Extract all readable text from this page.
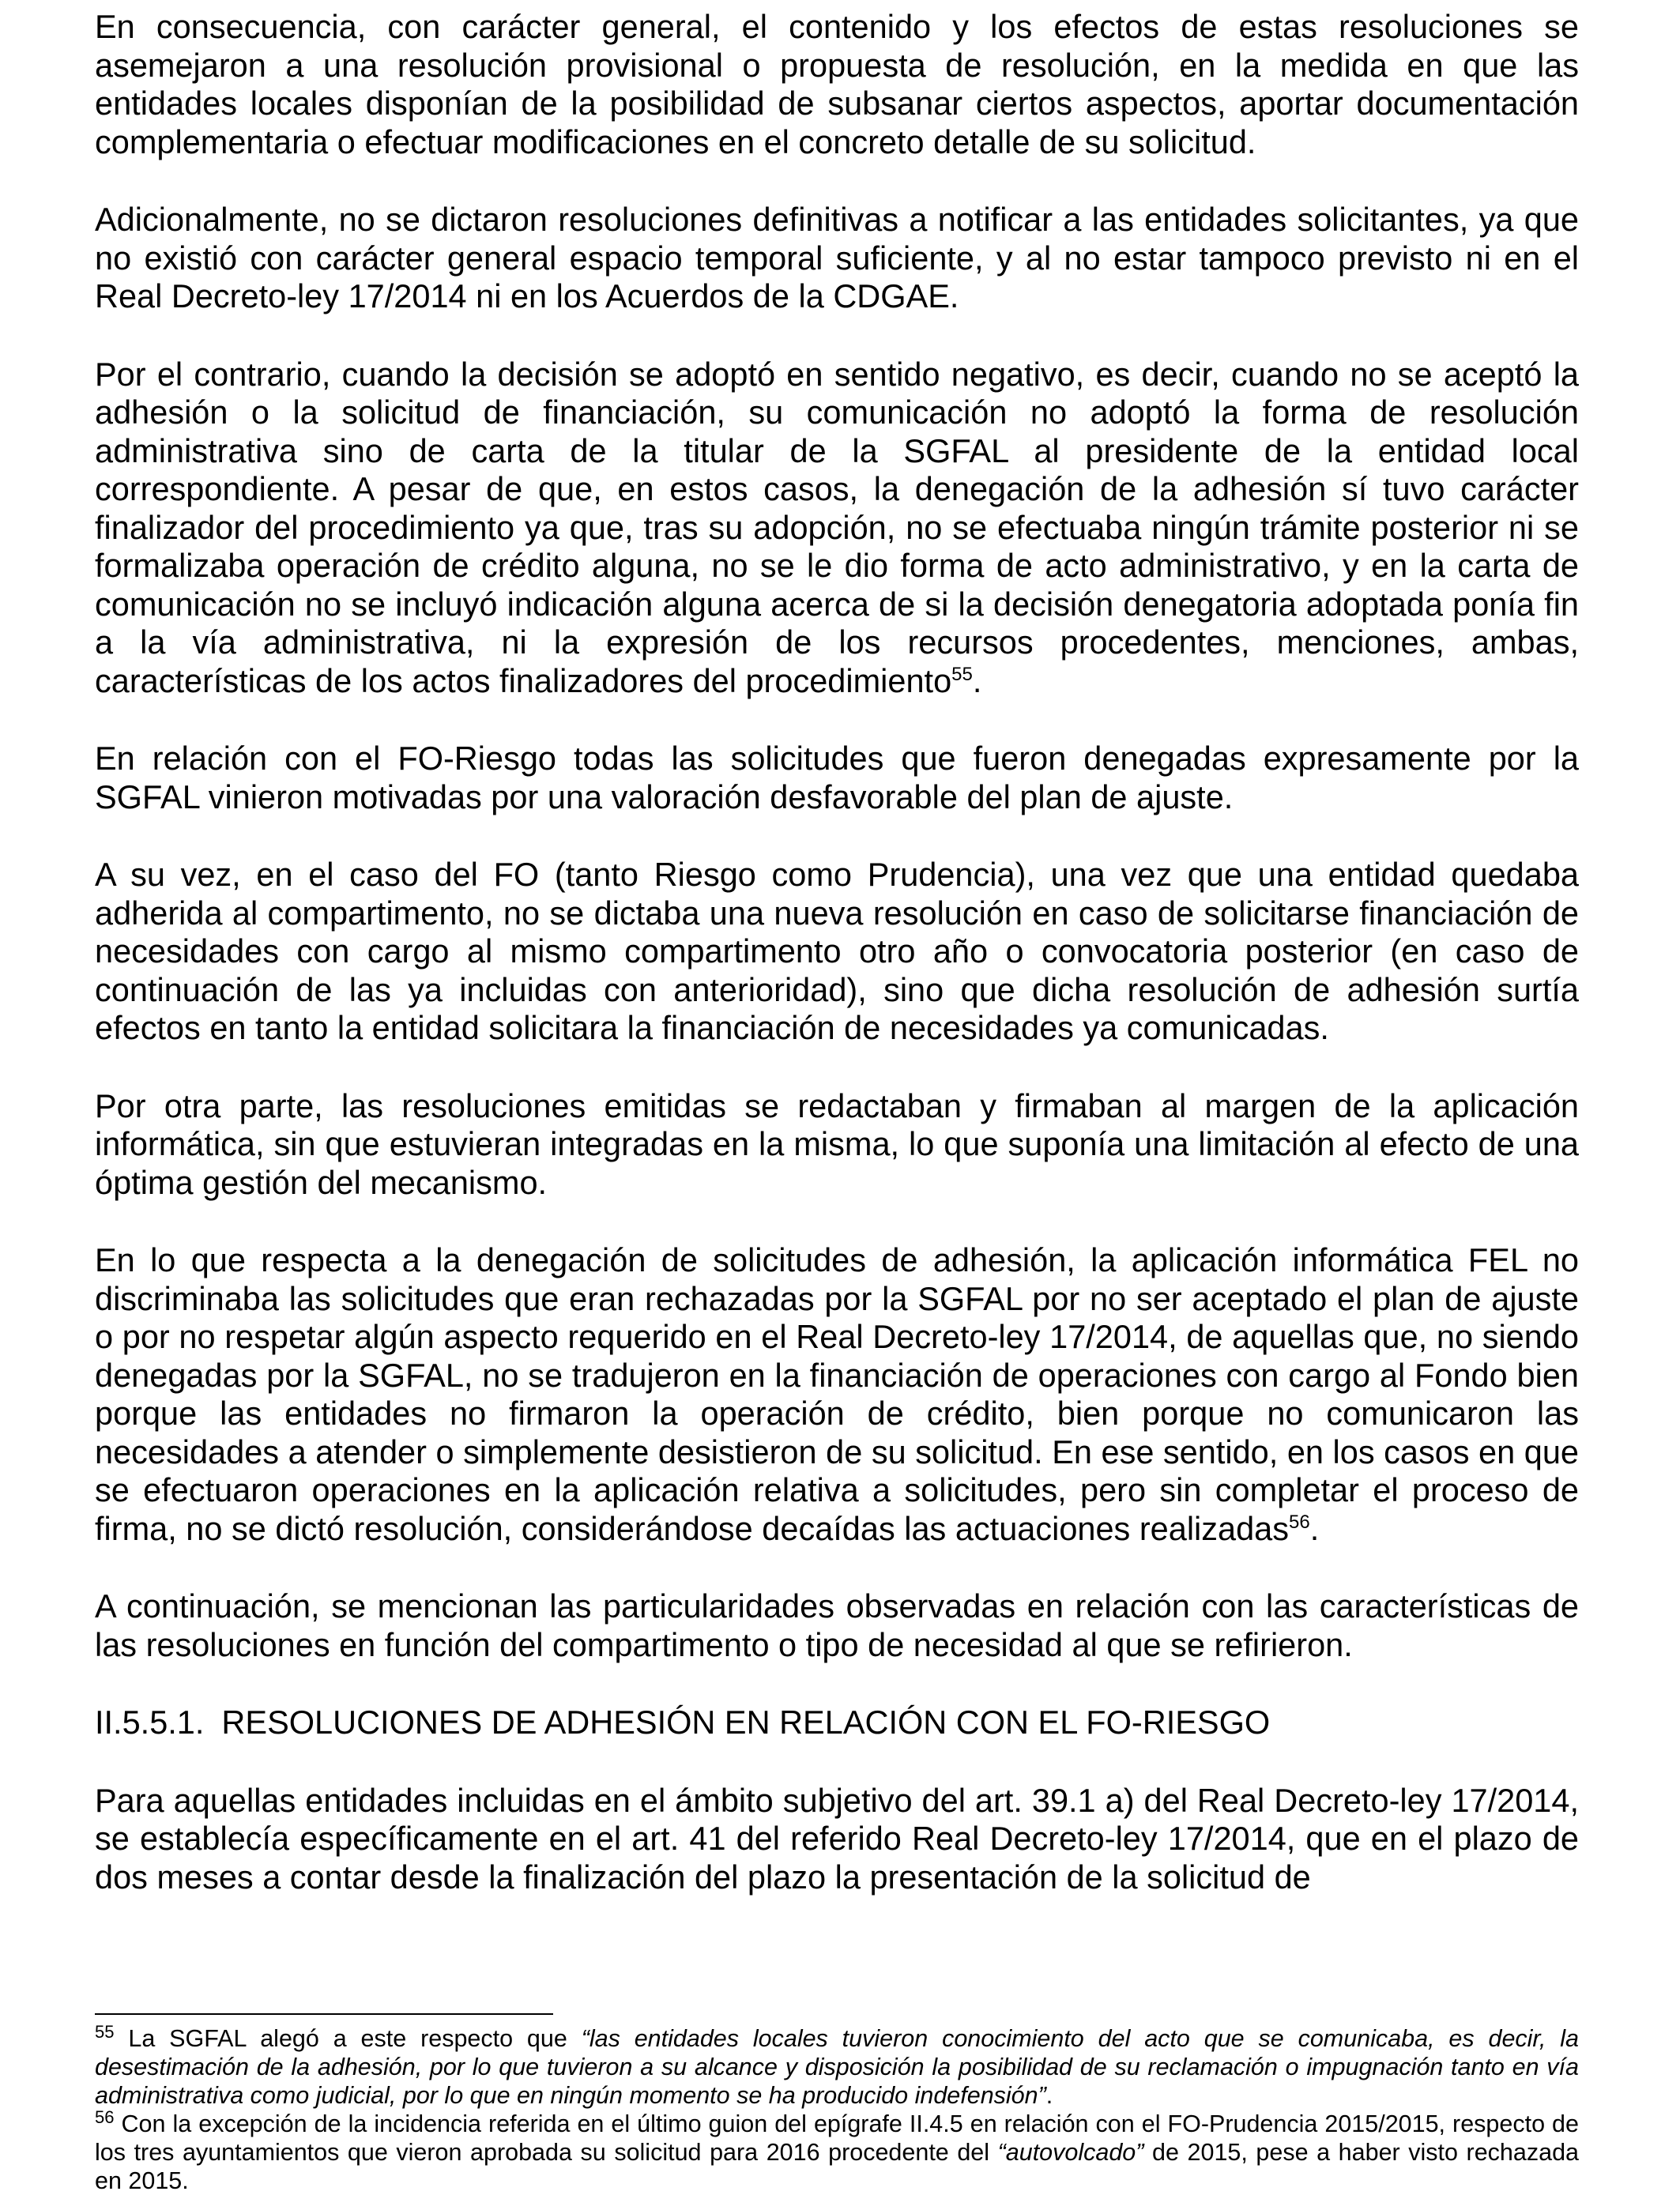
En consecuencia, con carácter general, el contenido y los efectos de estas resoluciones se asemejaron a una resolución provisional o propuesta de resolución, en la medida en que las entidades locales disponían de la posibilidad de subsanar ciertos aspectos, aportar documentación complementaria o efectuar modificaciones en el concreto detalle de su solicitud.

Adicionalmente, no se dictaron resoluciones definitivas a notificar a las entidades solicitantes, ya que no existió con carácter general espacio temporal suficiente, y al no estar tampoco previsto ni en el Real Decreto-ley 17/2014 ni en los Acuerdos de la CDGAE.

Por el contrario, cuando la decisión se adoptó en sentido negativo, es decir, cuando no se aceptó la adhesión o la solicitud de financiación, su comunicación no adoptó la forma de resolución administrativa sino de carta de la titular de la SGFAL al presidente de la entidad local correspondiente. A pesar de que, en estos casos, la denegación de la adhesión sí tuvo carácter finalizador del procedimiento ya que, tras su adopción, no se efectuaba ningún trámite posterior ni se formalizaba operación de crédito alguna, no se le dio forma de acto administrativo, y en la carta de comunicación no se incluyó indicación alguna acerca de si la decisión denegatoria adoptada ponía fin a la vía administrativa, ni la expresión de los recursos procedentes, menciones, ambas, características de los actos finalizadores del procedimiento$^{55}$.

En relación con el FO-Riesgo todas las solicitudes que fueron denegadas expresamente por la SGFAL vinieron motivadas por una valoración desfavorable del plan de ajuste.

A su vez, en el caso del FO (tanto Riesgo como Prudencia), una vez que una entidad quedaba adherida al compartimento, no se dictaba una nueva resolución en caso de solicitarse financiación de necesidades con cargo al mismo compartimento otro año o convocatoria posterior (en caso de continuación de las ya incluidas con anterioridad), sino que dicha resolución de adhesión surtía efectos en tanto la entidad solicitara la financiación de necesidades ya comunicadas.

Por otra parte, las resoluciones emitidas se redactaban y firmaban al margen de la aplicación informática, sin que estuvieran integradas en la misma, lo que suponía una limitación al efecto de una óptima gestión del mecanismo.

En lo que respecta a la denegación de solicitudes de adhesión, la aplicación informática FEL no discriminaba las solicitudes que eran rechazadas por la SGFAL por no ser aceptado el plan de ajuste o por no respetar algún aspecto requerido en el Real Decreto-ley 17/2014, de aquellas que, no siendo denegadas por la SGFAL, no se tradujeron en la financiación de operaciones con cargo al Fondo bien porque las entidades no firmaron la operación de crédito, bien porque no comunicaron las necesidades a atender o simplemente desistieron de su solicitud. En ese sentido, en los casos en que se efectuaron operaciones en la aplicación relativa a solicitudes, pero sin completar el proceso de firma, no se dictó resolución, considerándose decaídas las actuaciones realizadas$^{56}$.

A continuación, se mencionan las particularidades observadas en relación con las características de las resoluciones en función del compartimento o tipo de necesidad al que se refirieron.

II.5.5.1. RESOLUCIONES DE ADHESIÓN EN RELACIÓN CON EL FO-RIESGO

Para aquellas entidades incluidas en el ámbito subjetivo del art. 39.1 a) del Real Decreto-ley 17/2014, se establecía específicamente en el art. 41 del referido Real Decreto-ley 17/2014, que en el plazo de dos meses a contar desde la finalización del plazo la presentación de la solicitud de

$^{55}$ La SGFAL alegó a este respecto que “las entidades locales tuvieron conocimiento del acto que se comunicaba, es decir, la desestimación de la adhesión, por lo que tuvieron a su alcance y disposición la posibilidad de su reclamación o impugnación tanto en vía administrativa como judicial, por lo que en ningún momento se ha producido indefensión”.

$^{56}$ Con la excepción de la incidencia referida en el último guion del epígrafe II.4.5 en relación con el FO-Prudencia 2015/2015, respecto de los tres ayuntamientos que vieron aprobada su solicitud para 2016 procedente del “autovolcado” de 2015, pese a haber visto rechazada en 2015.
